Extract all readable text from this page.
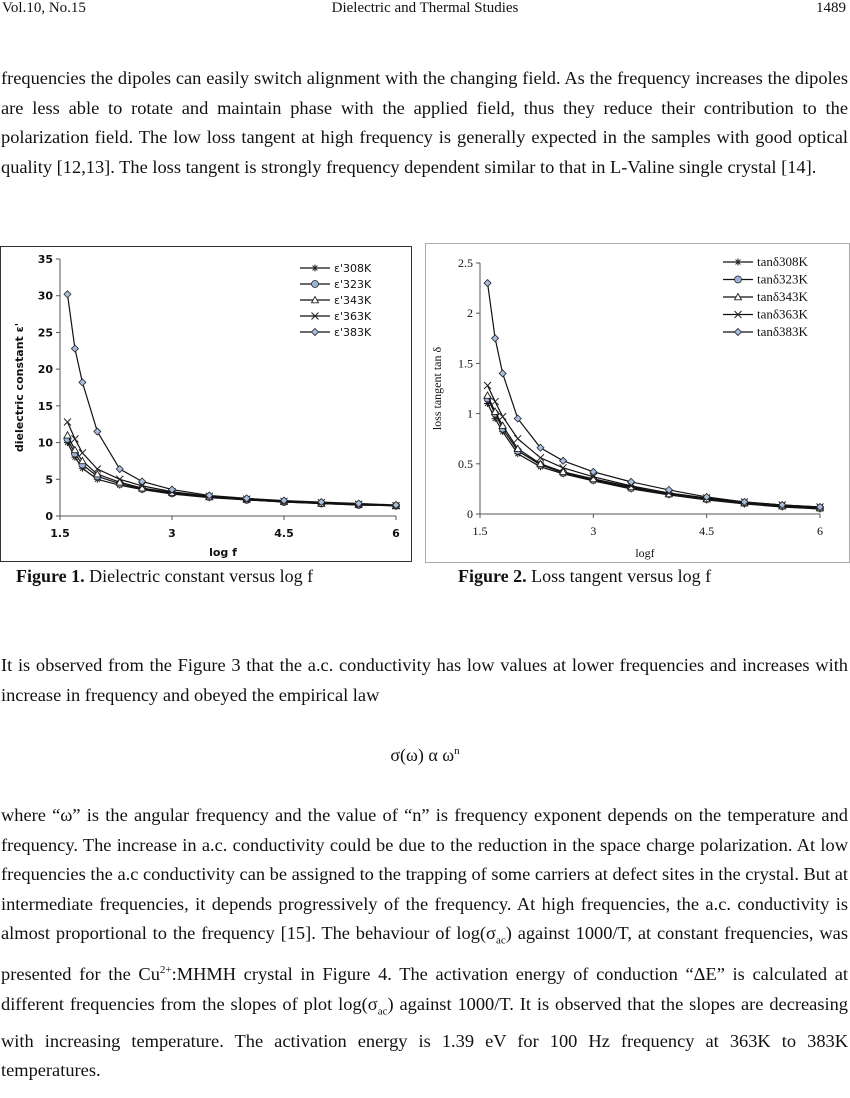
Vol.10, No.15	Dielectric and Thermal Studies	1489

frequencies the dipoles can easily switch alignment with the changing field. As the frequency increases the dipoles are less able to rotate and maintain phase with the applied field, thus they reduce their contribution to the polarization field. The low loss tangent at high frequency is generally expected in the samples with good optical quality [12,13]. The loss tangent is strongly frequency dependent similar to that in L-Valine single crystal [14].

0
5
10
15
20
25
30
35
1.5	3	4.5	6
log f
dielectric constant ε'
ε'308K
ε'323K
ε'343K
ε'363K
ε'383K
0
0.5
1
1.5
2
2.5
1.5	3	4.5	6
logf
loss tangent tan δ
tanδ308K
tanδ323K
tanδ343K
tanδ363K
tanδ383K
Figure 1. Dielectric constant versus log f	Figure 2. Loss tangent versus log f

It is observed from the Figure 3 that the a.c. conductivity has low values at lower frequencies and increases with increase in frequency and obeyed the empirical law

σ(ω) α $\omega^n$

where “ω” is the angular frequency and the value of “n” is frequency exponent depends on the temperature and frequency. The increase in a.c. conductivity could be due to the reduction in the space charge polarization. At low frequencies the a.c conductivity can be assigned to the trapping of some carriers at defect sites in the crystal. But at intermediate frequencies, it depends progressively of the frequency. At high frequencies, the a.c. conductivity is almost proportional to the frequency [15]. The behaviour of $\log(\sigma_{ac})$ against 1000/T, at constant frequencies, was presented for the $Cu^{2+}:MHMH$ crystal in Figure 4. The activation energy of conduction “ΔE” is calculated at different frequencies from the slopes of plot $\log(\sigma_{ac})$ against 1000/T. It is observed that the slopes are decreasing with increasing temperature. The activation energy is 1.39 eV for 100 Hz frequency at 363K to 383K temperatures.
